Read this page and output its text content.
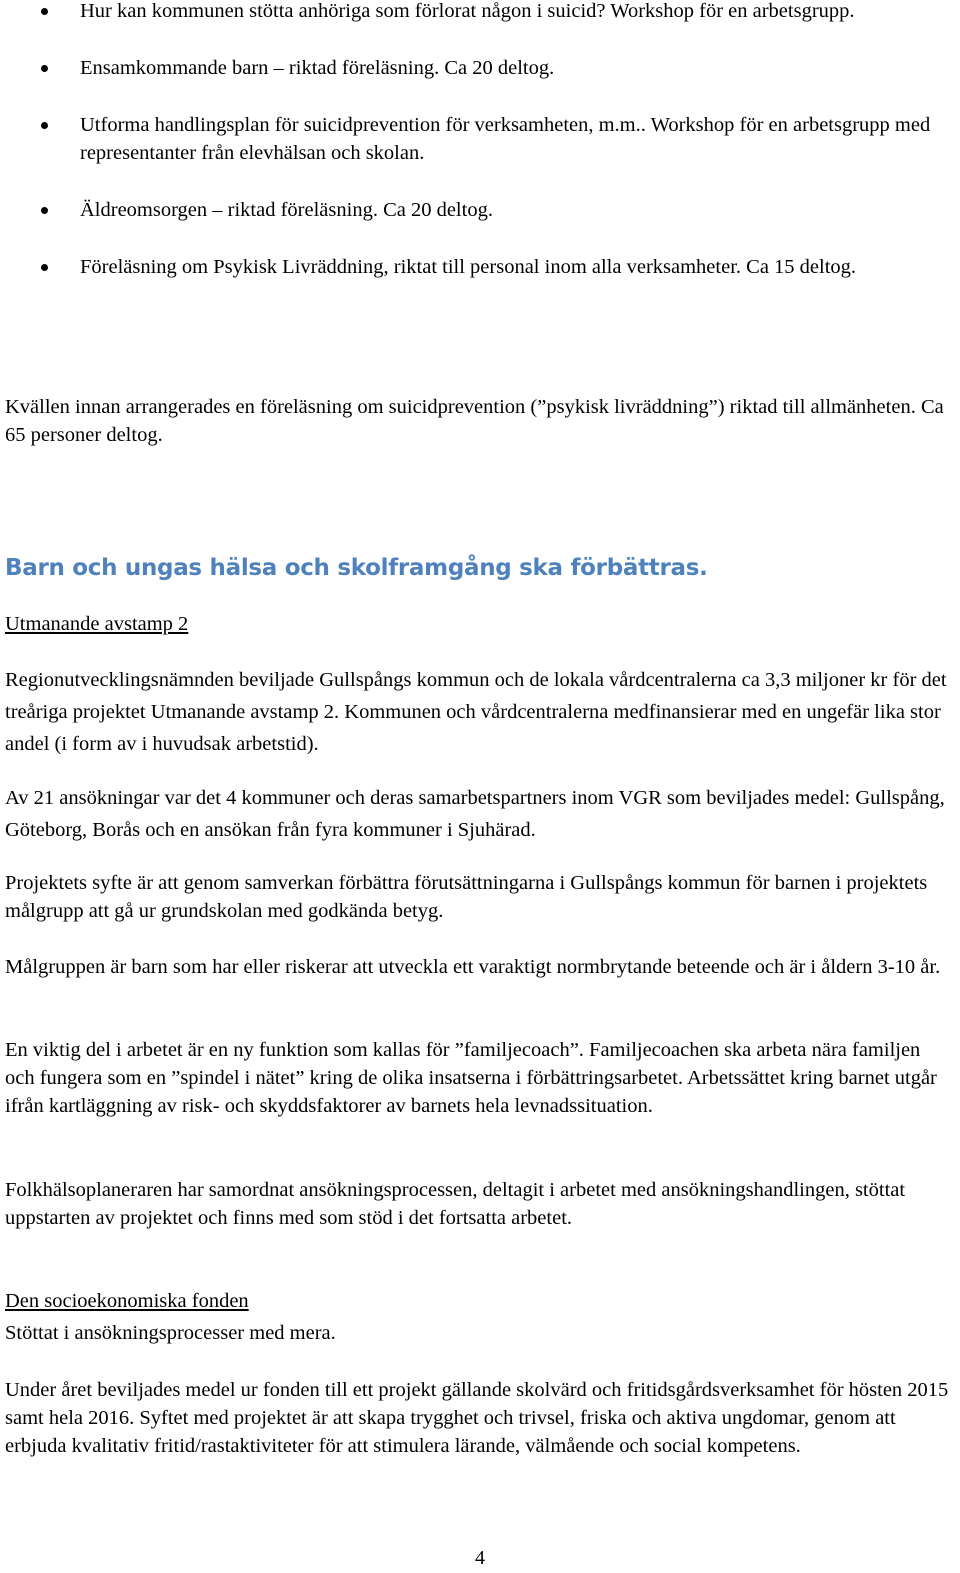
Hur kan kommunen stötta anhöriga som förlorat någon i suicid? Workshop för en arbetsgrupp.
Ensamkommande barn – riktad föreläsning. Ca 20 deltog.
Utforma handlingsplan för suicidprevention för verksamheten, m.m.. Workshop för en arbetsgrupp med representanter från elevhälsan och skolan.
Äldreomsorgen – riktad föreläsning. Ca 20 deltog.
Föreläsning om Psykisk Livräddning, riktat till personal inom alla verksamheter. Ca 15 deltog.

Kvällen innan arrangerades en föreläsning om suicidprevention (”psykisk livräddning”) riktad till allmänheten. Ca 65 personer deltog.

Barn och ungas hälsa och skolframgång ska förbättras.

Utmanande avstamp 2

Regionutvecklingsnämnden beviljade Gullspångs kommun och de lokala vårdcentralerna ca 3,3 miljoner kr för det treåriga projektet Utmanande avstamp 2. Kommunen och vårdcentralerna medfinansierar med en ungefär lika stor andel (i form av i huvudsak arbetstid).

Av 21 ansökningar var det 4 kommuner och deras samarbetspartners inom VGR som beviljades medel: Gullspång, Göteborg, Borås och en ansökan från fyra kommuner i Sjuhärad.

Projektets syfte är att genom samverkan förbättra förutsättningarna i Gullspångs kommun för barnen i projektets målgrupp att gå ur grundskolan med godkända betyg.

Målgruppen är barn som har eller riskerar att utveckla ett varaktigt normbrytande beteende och är i åldern 3-10 år.

En viktig del i arbetet är en ny funktion som kallas för ”familjecoach”. Familjecoachen ska arbeta nära familjen och fungera som en ”spindel i nätet” kring de olika insatserna i förbättringsarbetet. Arbetssättet kring barnet utgår ifrån kartläggning av risk- och skyddsfaktorer av barnets hela levnadssituation.

Folkhälsoplaneraren har samordnat ansökningsprocessen, deltagit i arbetet med ansökningshandlingen, stöttat uppstarten av projektet och finns med som stöd i det fortsatta arbetet.

Den socioekonomiska fonden

Stöttat i ansökningsprocesser med mera.

Under året beviljades medel ur fonden till ett projekt gällande skolvärd och fritidsgårdsverksamhet för hösten 2015 samt hela 2016. Syftet med projektet är att skapa trygghet och trivsel, friska och aktiva ungdomar, genom att erbjuda kvalitativ fritid/rastaktiviteter för att stimulera lärande, välmående och social kompetens.

4
